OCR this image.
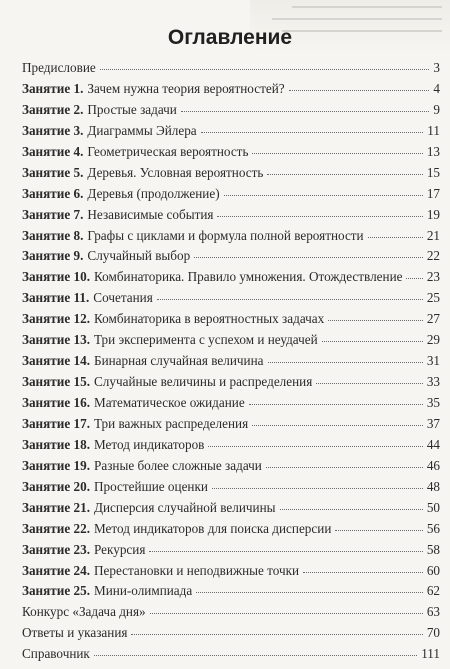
Оглавление
Предисловие	3
Занятие 1. Зачем нужна теория вероятностей?	4
Занятие 2. Простые задачи	9
Занятие 3. Диаграммы Эйлера	11
Занятие 4. Геометрическая вероятность	13
Занятие 5. Деревья. Условная вероятность	15
Занятие 6. Деревья (продолжение)	17
Занятие 7. Независимые события	19
Занятие 8. Графы с циклами и формула полной вероятности	21
Занятие 9. Случайный выбор	22
Занятие 10. Комбинаторика. Правило умножения. Отождествление 23
Занятие 11. Сочетания	25
Занятие 12. Комбинаторика в вероятностных задачах	27
Занятие 13. Три эксперимента с успехом и неудачей	29
Занятие 14. Бинарная случайная величина	31
Занятие 15. Случайные величины и распределения	33
Занятие 16. Математическое ожидание	35
Занятие 17. Три важных распределения	37
Занятие 18. Метод индикаторов	44
Занятие 19. Разные более сложные задачи	46
Занятие 20. Простейшие оценки	48
Занятие 21. Дисперсия случайной величины	50
Занятие 22. Метод индикаторов для поиска дисперсии	56
Занятие 23. Рекурсия	58
Занятие 24. Перестановки и неподвижные точки	60
Занятие 25. Мини-олимпиада	62
Конкурс «Задача дня»	63
Ответы и указания	70
Справочник	111
